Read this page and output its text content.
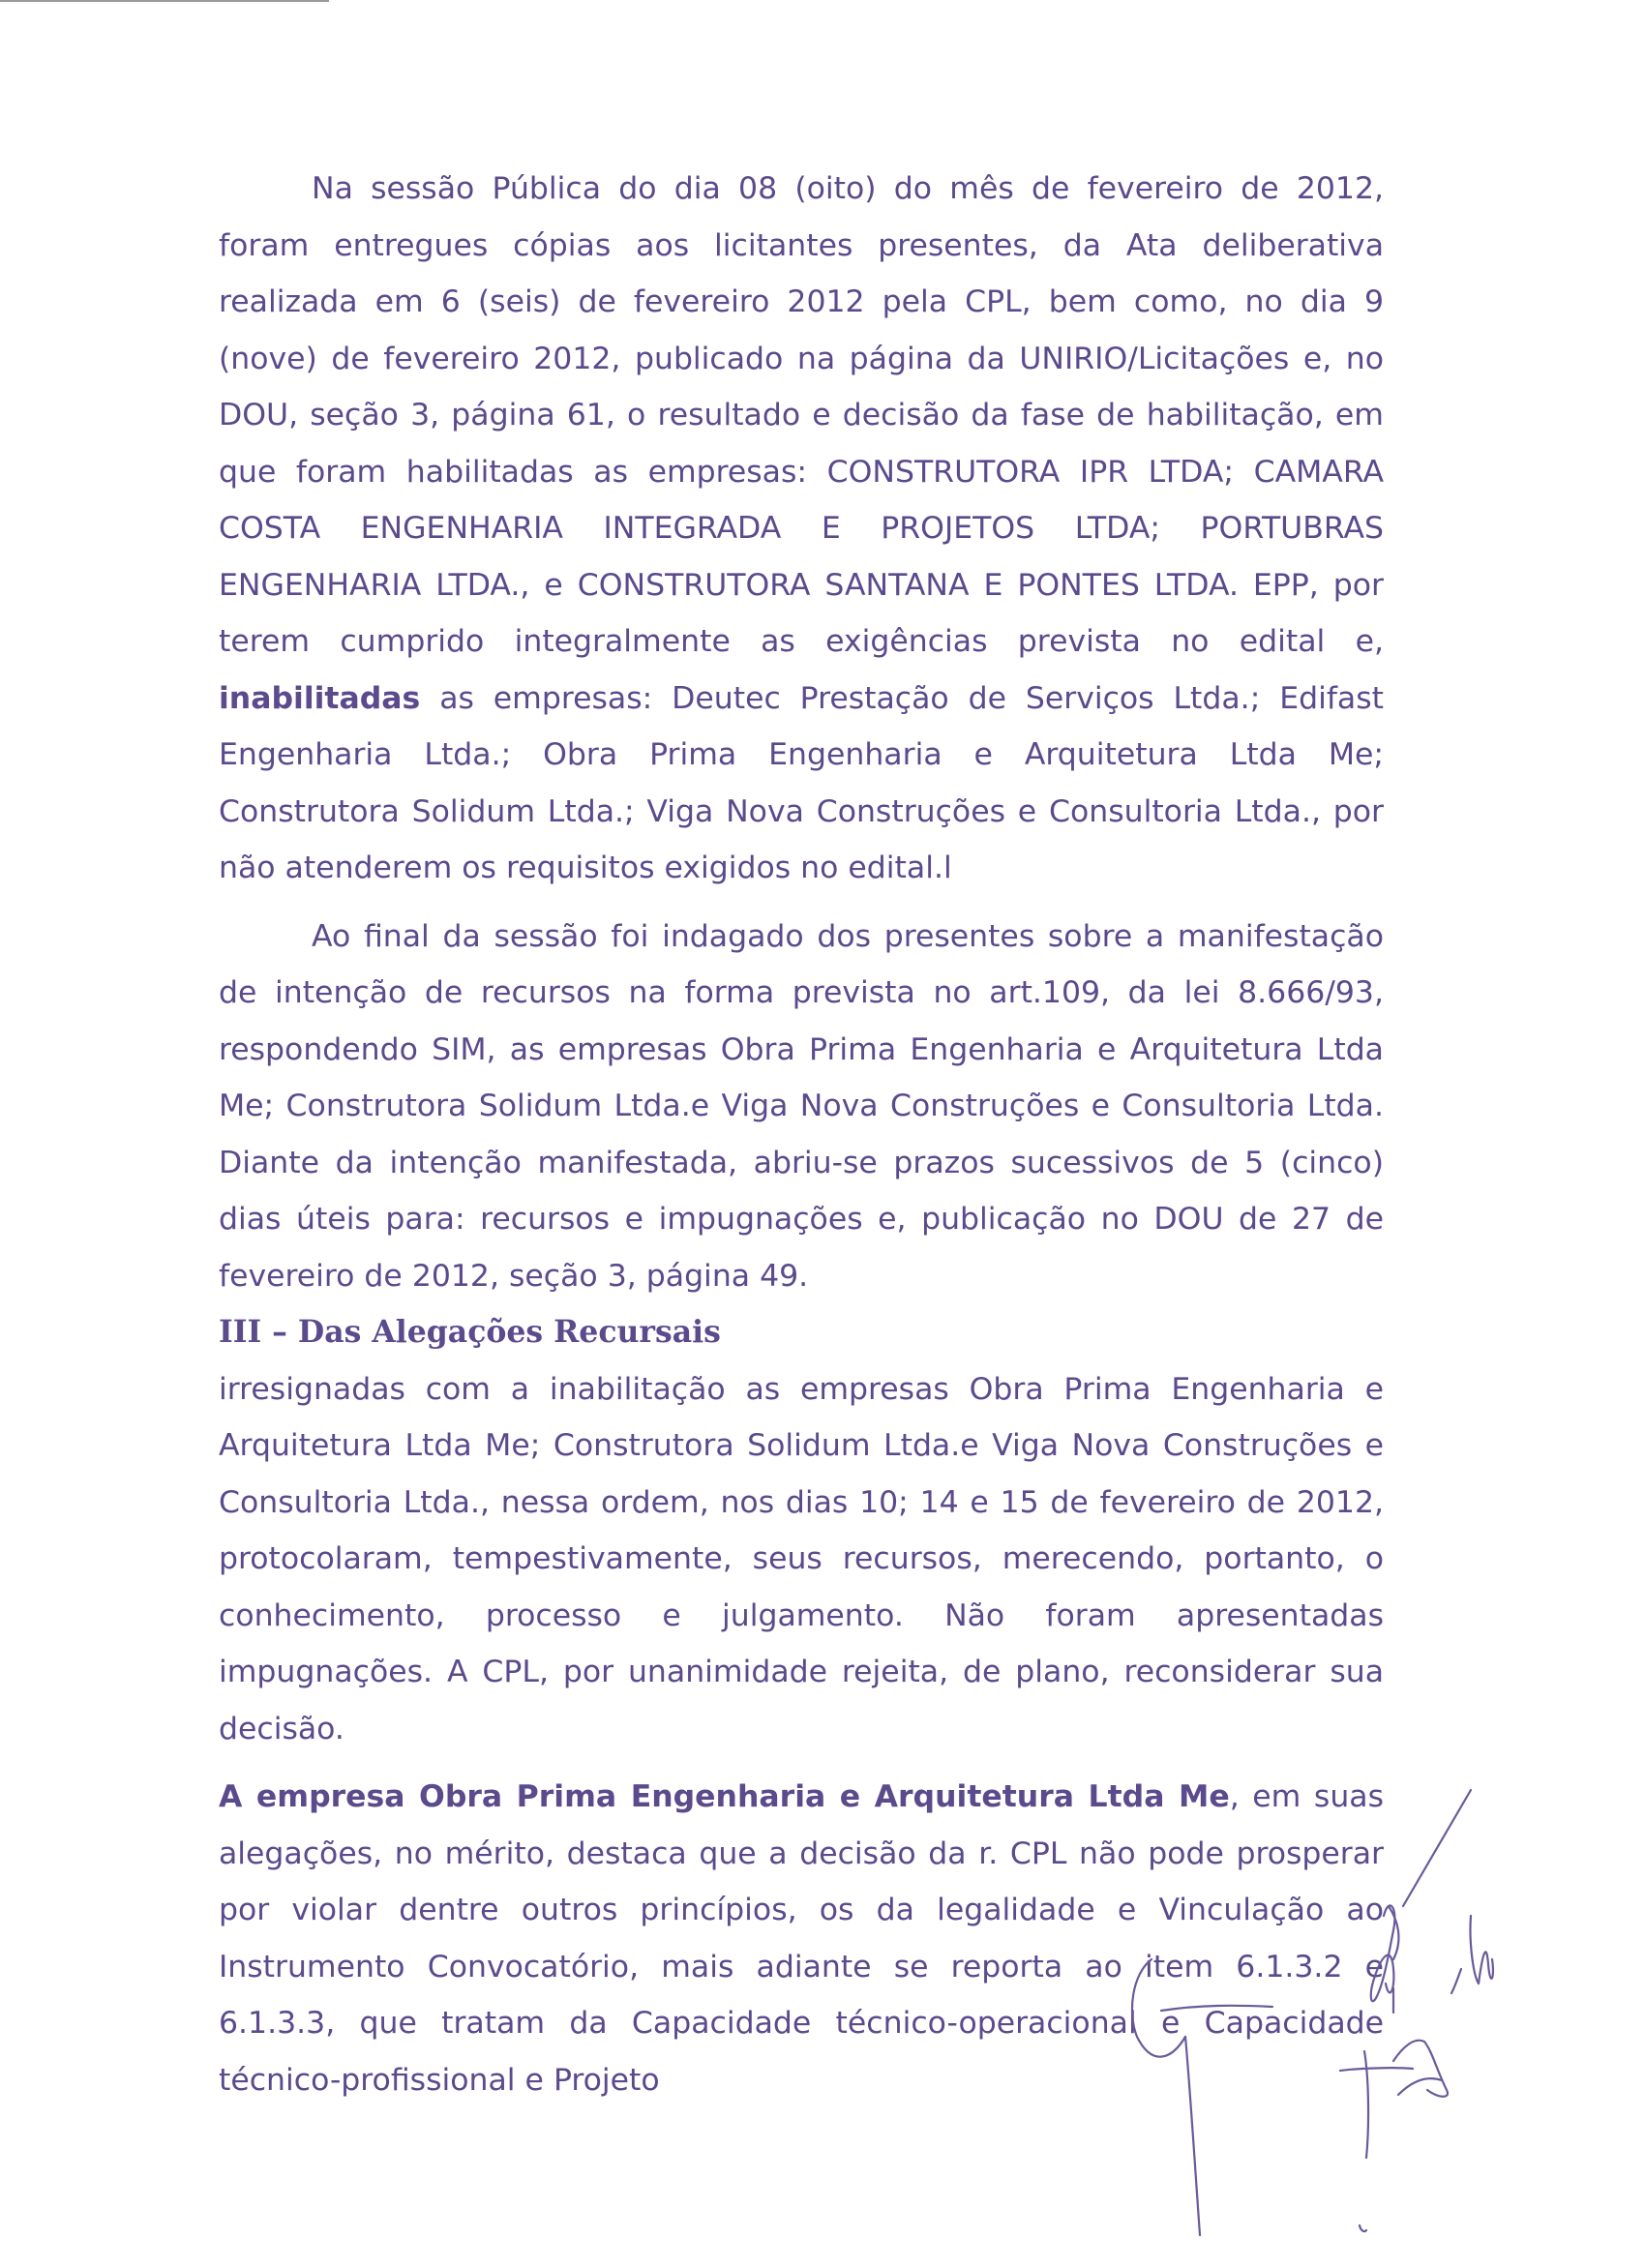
Na sessão Pública do dia 08 (oito) do mês de fevereiro de 2012, foram entregues cópias aos licitantes presentes, da Ata deliberativa realizada em 6 (seis) de fevereiro 2012 pela CPL, bem como, no dia 9 (nove) de fevereiro 2012, publicado na página da UNIRIO/Licitações e, no DOU, seção 3, página 61, o resultado e decisão da fase de habilitação, em que foram habilitadas as empresas: CONSTRUTORA IPR LTDA; CAMARA COSTA ENGENHARIA INTEGRADA E PROJETOS LTDA; PORTUBRAS ENGENHARIA LTDA., e CONSTRUTORA SANTANA E PONTES LTDA. EPP, por terem cumprido integralmente as exigências prevista no edital e, inabilitadas as empresas: Deutec Prestação de Serviços Ltda.; Edifast Engenharia Ltda.; Obra Prima Engenharia e Arquitetura Ltda Me; Construtora Solidum Ltda.; Viga Nova Construções e Consultoria Ltda., por não atenderem os requisitos exigidos no edital.l

Ao final da sessão foi indagado dos presentes sobre a manifestação de intenção de recursos na forma prevista no art.109, da lei 8.666/93, respondendo SIM, as empresas Obra Prima Engenharia e Arquitetura Ltda Me; Construtora Solidum Ltda.e Viga Nova Construções e Consultoria Ltda. Diante da intenção manifestada, abriu-se prazos sucessivos de 5 (cinco) dias úteis para: recursos e impugnações e, publicação no DOU de 27 de fevereiro de 2012, seção 3, página 49.

III – Das Alegações Recursais

irresignadas com a inabilitação as empresas Obra Prima Engenharia e Arquitetura Ltda Me; Construtora Solidum Ltda.e Viga Nova Construções e Consultoria Ltda., nessa ordem, nos dias 10; 14 e 15 de fevereiro de 2012, protocolaram, tempestivamente, seus recursos, merecendo, portanto, o conhecimento, processo e julgamento. Não foram apresentadas impugnações. A CPL, por unanimidade rejeita, de plano, reconsiderar sua decisão.

A empresa Obra Prima Engenharia e Arquitetura Ltda Me, em suas alegações, no mérito, destaca que a decisão da r. CPL não pode prosperar por violar dentre outros princípios, os da legalidade e Vinculação ao Instrumento Convocatório, mais adiante se reporta ao item 6.1.3.2 e 6.1.3.3, que tratam da Capacidade técnico-operacional e Capacidade técnico-profissional e Projeto
